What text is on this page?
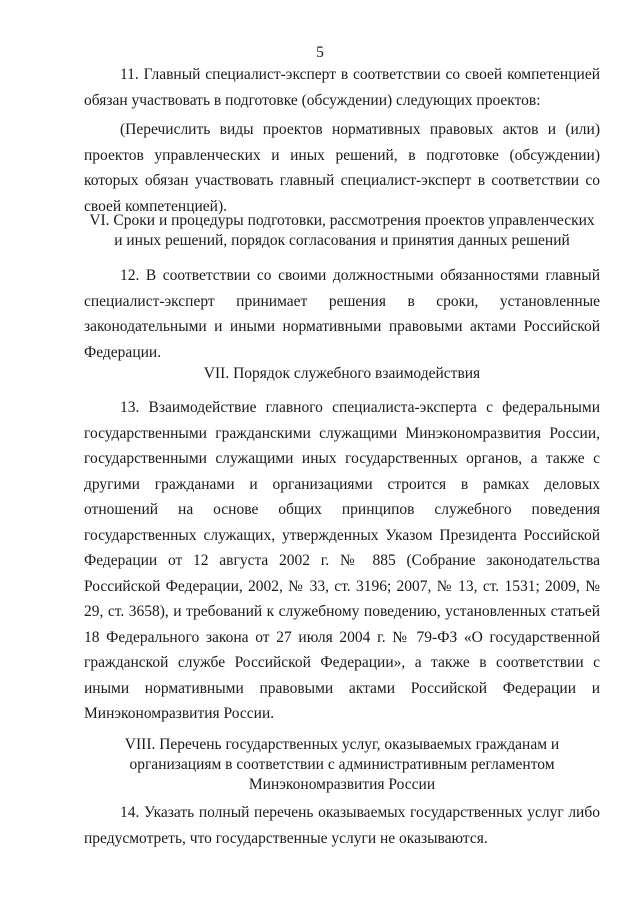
5
11. Главный специалист-эксперт в соответствии со своей компетенцией обязан участвовать в подготовке (обсуждении) следующих проектов:
(Перечислить виды проектов нормативных правовых актов и (или) проектов управленческих и иных решений, в подготовке (обсуждении) которых обязан участвовать главный специалист-эксперт в соответствии со своей компетенцией).
VI. Сроки и процедуры подготовки, рассмотрения проектов управленческих и иных решений, порядок согласования и принятия данных решений
12. В соответствии со своими должностными обязанностями главный специалист-эксперт принимает решения в сроки, установленные законодательными и иными нормативными правовыми актами Российской Федерации.
VII. Порядок служебного взаимодействия
13. Взаимодействие главного специалиста-эксперта с федеральными государственными гражданскими служащими Минэкономразвития России, государственными служащими иных государственных органов, а также с другими гражданами и организациями строится в рамках деловых отношений на основе общих принципов служебного поведения государственных служащих, утвержденных Указом Президента Российской Федерации от 12 августа 2002 г. № 885 (Собрание законодательства Российской Федерации, 2002, № 33, ст. 3196; 2007, № 13, ст. 1531; 2009, № 29, ст. 3658), и требований к служебному поведению, установленных статьей 18 Федерального закона от 27 июля 2004 г. № 79-ФЗ «О государственной гражданской службе Российской Федерации», а также в соответствии с иными нормативными правовыми актами Российской Федерации и Минэкономразвития России.
VIII. Перечень государственных услуг, оказываемых гражданам и организациям в соответствии с административным регламентом Минэкономразвития России
14. Указать полный перечень оказываемых государственных услуг либо предусмотреть, что государственные услуги не оказываются.
